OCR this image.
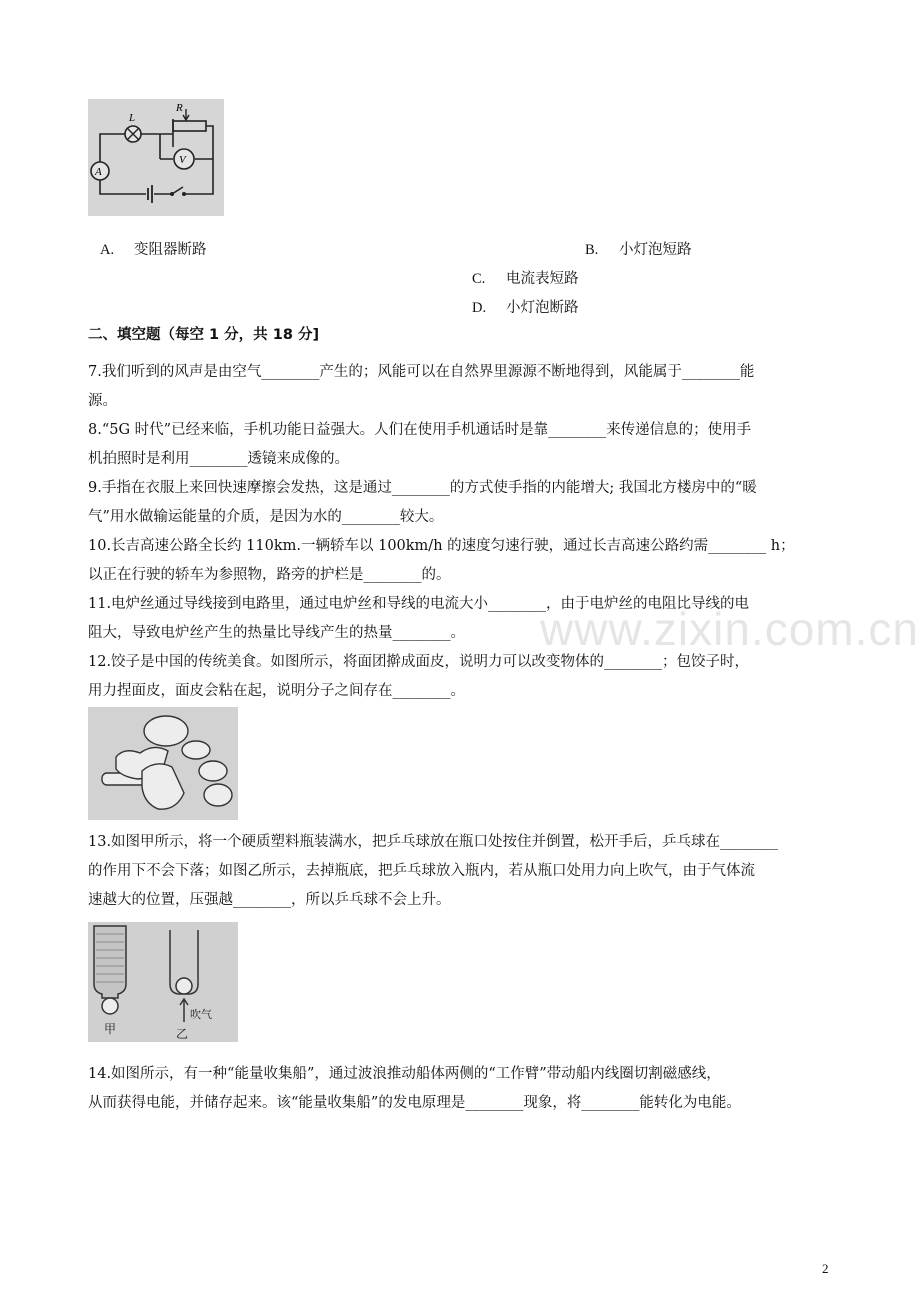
L
R
V
A
A. 变阻器断路	B. 小灯泡短路
C. 电流表短路
D. 小灯泡断路
二、填空题（每空 1 分，共 18 分]
7.我们听到的风声是由空气________产生的；风能可以在自然界里源源不断地得到，风能属于________能
源。
8.“5G 时代”已经来临，手机功能日益强大。人们在使用手机通话时是靠________来传递信息的；使用手
机拍照时是利用________透镜来成像的。
9.手指在衣服上来回快速摩擦会发热，这是通过________的方式使手指的内能增大; 我国北方楼房中的“暖
气”用水做输运能量的介质，是因为水的________较大。
10.长吉高速公路全长约 110km.一辆轿车以 100km/h 的速度匀速行驶，通过长吉高速公路约需________ h；
以正在行驶的轿车为参照物，路旁的护栏是________的。
11.电炉丝通过导线接到电路里，通过电炉丝和导线的电流大小________，由于电炉丝的电阻比导线的电
阻大，导致电炉丝产生的热量比导线产生的热量________。
12.饺子是中国的传统美食。如图所示，将面团擀成面皮，说明力可以改变物体的________；包饺子时，
用力捏面皮，面皮会粘在起，说明分子之间存在________。
13.如图甲所示，将一个硬质塑料瓶装满水，把乒乓球放在瓶口处按住并倒置，松开手后，乒乓球在________
的作用下不会下落；如图乙所示，去掉瓶底，把乒乓球放入瓶内，若从瓶口处用力向上吹气，由于气体流
速越大的位置，压强越________，所以乒乓球不会上升。
甲	乙
吹气
14.如图所示，有一种“能量收集船”，通过波浪推动船体两侧的“工作臂”带动船内线圈切割磁感线，
从而获得电能，并储存起来。该“能量收集船”的发电原理是________现象，将________能转化为电能。
www.zixin.com.cn
2
